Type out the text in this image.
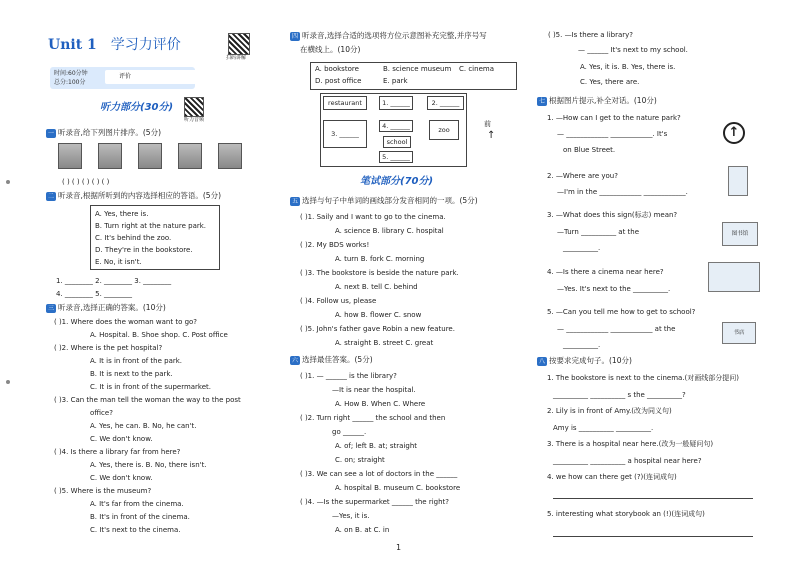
Unit 1 学习力评价
扫码讲解
时间:60分钟
总分:100分
评价
听力部分(30分)
听力音频
一 听录音,给下列图片排序。(5分)
( ) ( ) ( ) ( ) ( )
二 听录音,根据所听到的内容选择相应的答语。(5分)
A. Yes, there is.
B. Turn right at the nature park.
C. It's behind the zoo.
D. They're in the bookstore.
E. No, it isn't.
1. ________ 2. ________ 3. ________
4. ________ 5. ________
三 听录音,选择正确的答案。(10分)
( )1. Where does the woman want to go?
A. Hospital. B. Shoe shop. C. Post office
( )2. Where is the pet hospital?
A. It is in front of the park.
B. It is next to the park.
C. It is in front of the supermarket.
( )3. Can the man tell the woman the way to the post
office?
A. Yes, he can. B. No, he can't.
C. We don't know.
( )4. Is there a library far from here?
A. Yes, there is. B. No, there isn't.
C. We don't know.
( )5. Where is the museum?
A. It's far from the cinema.
B. It's in front of the cinema.
C. It's next to the cinema.
四 听录音,选择合适的选项将方位示意图补充完整,并序号写
在横线上。(10分)
A. bookstore	B. science museum C. cinema
D. post office	E. park
restaurant	1. ______	2. ______
3. ______
4. ______
school
zoo
5. ______
前
↑
笔试部分(70分)
五 选择与句子中单词的画线部分发音相同的一项。(5分)
( )1. Saily and I want to go to the cinema.
A. science B. library C. hospital
( )2. My BDS works!
A. turn B. fork C. morning
( )3. The bookstore is beside the nature park.
A. next B. tell C. behind
( )4. Follow us, please
A. how B. flower C. snow
( )5. John's father gave Robin a new feature.
A. straight B. street C. great
六 选择最佳答案。(5分)
( )1. — ______ is the library?
—It is near the hospital.
A. How B. When C. Where
( )2. Turn right ______ the school and then
go ______.
A. of; left B. at; straight
C. on; straight
( )3. We can see a lot of doctors in the ______
A. hospital B. museum C. bookstore
( )4. —Is the supermarket ______ the right?
—Yes, it is.
A. on B. at C. in
1
( )5. —Is there a library?
— ______ It's next to my school.
A. Yes, it is. B. Yes, there is.
C. Yes, there are.
七 根据图片提示,补全对话。(10分)
1. —How can I get to the nature park?
— ____________ ____________. It's
on Blue Street.
↑
2. —Where are you?
—I'm in the ____________ ____________.
3. —What does this sign(标志) mean?
—Turn __________ at the
__________.
图书馆
4. —Is there a cinema near here?
—Yes. It's next to the __________.
5. —Can you tell me how to get to school?
— ____________ ____________ at the
__________.
书店
八 按要求完成句子。(10分)
1. The bookstore is next to the cinema.(对画线部分提问)
__________ __________ s the __________?
2. Lily is in front of Amy.(改为同义句)
Amy is __________ __________.
3. There is a hospital near here.(改为一般疑问句)
__________ __________ a hospital near here?
4. we how can there get (?)(连词成句)
5. interesting what storybook an (!)(连词成句)
